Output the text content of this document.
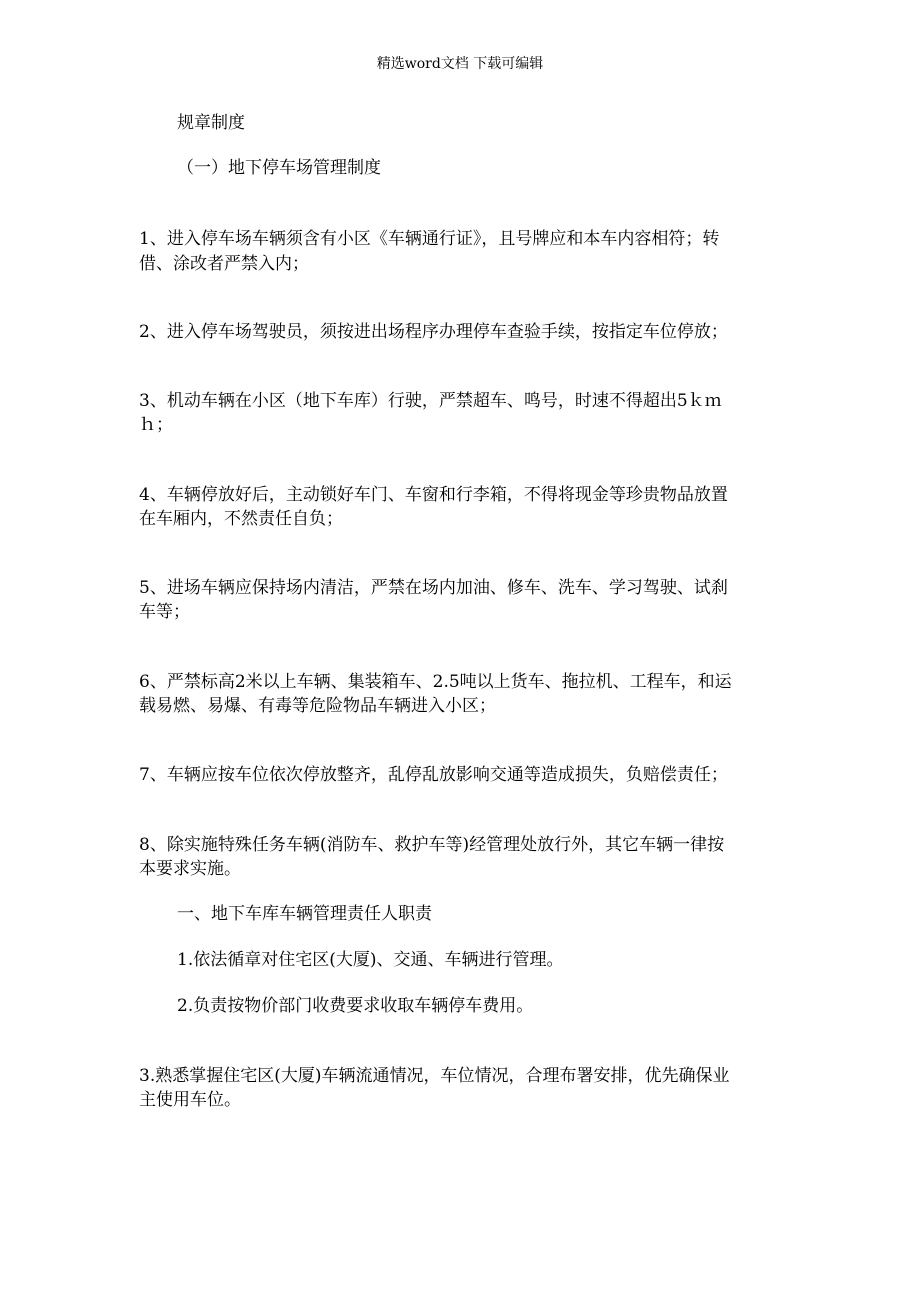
精选word文档 下载可编辑
规章制度
（一）地下停车场管理制度
1、进入停车场车辆须含有小区《车辆通行证》，且号牌应和本车内容相符；转
借、涂改者严禁入内；
2、进入停车场驾驶员，须按进出场程序办理停车查验手续，按指定车位停放；
3、机动车辆在小区（地下车库）行驶，严禁超车、鸣号，时速不得超出5ｋｍ
ｈ；
4、车辆停放好后，主动锁好车门、车窗和行李箱，不得将现金等珍贵物品放置
在车厢内，不然责任自负；
5、进场车辆应保持场内清洁，严禁在场内加油、修车、洗车、学习驾驶、试刹
车等；
6、严禁标高2米以上车辆、集装箱车、2.5吨以上货车、拖拉机、工程车，和运
载易燃、易爆、有毒等危险物品车辆进入小区；
7、车辆应按车位依次停放整齐，乱停乱放影响交通等造成损失，负赔偿责任；
8、除实施特殊任务车辆(消防车、救护车等)经管理处放行外，其它车辆一律按
本要求实施。
一、地下车库车辆管理责任人职责
1.依法循章对住宅区(大厦)、交通、车辆进行管理。
2.负责按物价部门收费要求收取车辆停车费用。
3.熟悉掌握住宅区(大厦)车辆流通情况，车位情况，合理布署安排，优先确保业
主使用车位。
